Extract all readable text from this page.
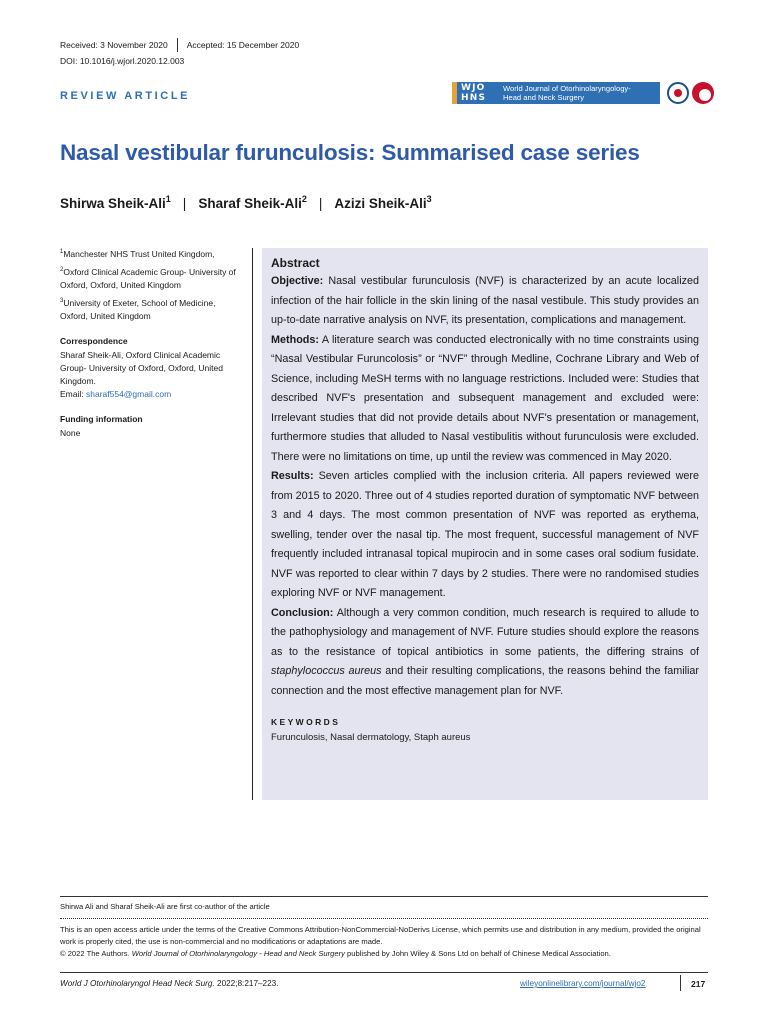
Received: 3 November 2020 Accepted: 15 December 2020
DOI: 10.1016/j.wjorl.2020.12.003
REVIEW ARTICLE
WJO
HNS
World Journal of Otorhinolaryngology-
Head and Neck Surgery
Nasal vestibular furunculosis: Summarised case series
Shirwa Sheik-Ali$^1$ | Sharaf Sheik-Ali$^2$ | Azizi Sheik-Ali$^3$

$^1$Manchester NHS Trust United Kingdom,

$^2$Oxford Clinical Academic Group- University of Oxford, Oxford, United Kingdom

$^3$University of Exeter, School of Medicine, Oxford, United Kingdom

Correspondence
Sharaf Sheik-Ali, Oxford Clinical Academic Group- University of Oxford, Oxford, United Kingdom.
Email: sharaf554@gmail.com
Funding information
None
Abstract
Objective: Nasal vestibular furunculosis (NVF) is characterized by an acute localized infection of the hair follicle in the skin lining of the nasal vestibule. This study provides an up-to-date narrative analysis on NVF, its presentation, complications and management.
Methods: A literature search was conducted electronically with no time constraints using “Nasal Vestibular Furuncolosis” or “NVF” through Medline, Cochrane Library and Web of Science, including MeSH terms with no language restrictions. Included were: Studies that described NVF's presentation and subsequent management and excluded were: Irrelevant studies that did not provide details about NVF's presentation or management, furthermore studies that alluded to Nasal vestibulitis without furunculosis were excluded. There were no limitations on time, up until the review was commenced in May 2020.
Results: Seven articles complied with the inclusion criteria. All papers reviewed were from 2015 to 2020. Three out of 4 studies reported duration of symptomatic NVF between 3 and 4 days. The most common presentation of NVF was reported as erythema, swelling, tender over the nasal tip. The most frequent, successful management of NVF frequently included intranasal topical mupirocin and in some cases oral sodium fusidate. NVF was reported to clear within 7 days by 2 studies. There were no randomised studies exploring NVF or NVF management.
Conclusion: Although a very common condition, much research is required to allude to the pathophysiology and management of NVF. Future studies should explore the reasons as to the resistance of topical antibiotics in some patients, the differing strains of staphylococcus aureus and their resulting complications, the reasons behind the familiar connection and the most effective management plan for NVF.
KEYWORDS
Furunculosis, Nasal dermatology, Staph aureus
Shirwa Ali and Sharaf Sheik-Ali are first co-author of the article
This is an open access article under the terms of the Creative Commons Attribution-NonCommercial-NoDerivs License, which permits use and distribution in any medium, provided the original work is properly cited, the use is non-commercial and no modifications or adaptations are made.
© 2022 The Authors. World Journal of Otorhinolaryngology - Head and Neck Surgery published by John Wiley & Sons Ltd on behalf of Chinese Medical Association.
World J Otorhinolaryngol Head Neck Surg. 2022;8:217–223.	wileyonlinelibrary.com/journal/wjo2	217
